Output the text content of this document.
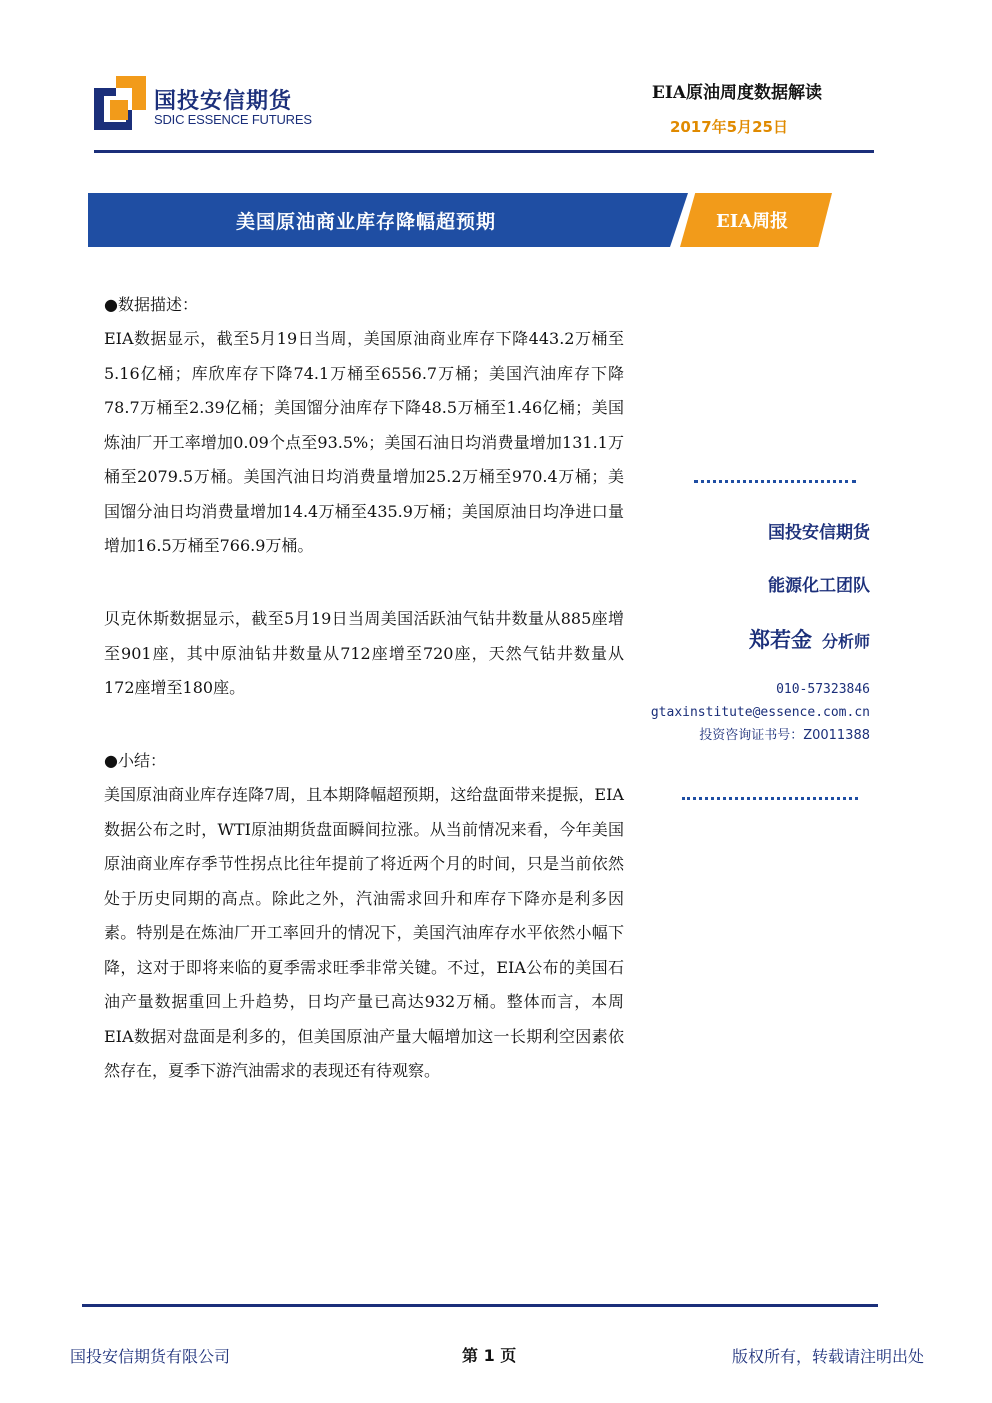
国投安信期货
SDIC ESSENCE FUTURES
EIA原油周度数据解读
2017年5月25日
美国原油商业库存降幅超预期	EIA周报
●数据描述：
EIA数据显示，截至5月19日当周，美国原油商业库存下降443.2万桶至5.16亿桶；库欣库存下降74.1万桶至6556.7万桶；美国汽油库存下降78.7万桶至2.39亿桶；美国馏分油库存下降48.5万桶至1.46亿桶；美国炼油厂开工率增加0.09个点至93.5%；美国石油日均消费量增加131.1万桶至2079.5万桶。美国汽油日均消费量增加25.2万桶至970.4万桶；美国馏分油日均消费量增加14.4万桶至435.9万桶；美国原油日均净进口量增加16.5万桶至766.9万桶。
贝克休斯数据显示，截至5月19日当周美国活跃油气钻井数量从885座增至901座，其中原油钻井数量从712座增至720座，天然气钻井数量从172座增至180座。
●小结：
美国原油商业库存连降7周，且本期降幅超预期，这给盘面带来提振，EIA数据公布之时，WTI原油期货盘面瞬间拉涨。从当前情况来看，今年美国原油商业库存季节性拐点比往年提前了将近两个月的时间，只是当前依然处于历史同期的高点。除此之外，汽油需求回升和库存下降亦是利多因素。特别是在炼油厂开工率回升的情况下，美国汽油库存水平依然小幅下降，这对于即将来临的夏季需求旺季非常关键。不过，EIA公布的美国石油产量数据重回上升趋势，日均产量已高达932万桶。整体而言，本周EIA数据对盘面是利多的，但美国原油产量大幅增加这一长期利空因素依然存在，夏季下游汽油需求的表现还有待观察。
国投安信期货
能源化工团队
郑若金 分析师
010-57323846
gtaxinstitute@essence.com.cn
投资咨询证书号：Z0011388
国投安信期货有限公司	第 1 页	版权所有，转载请注明出处
